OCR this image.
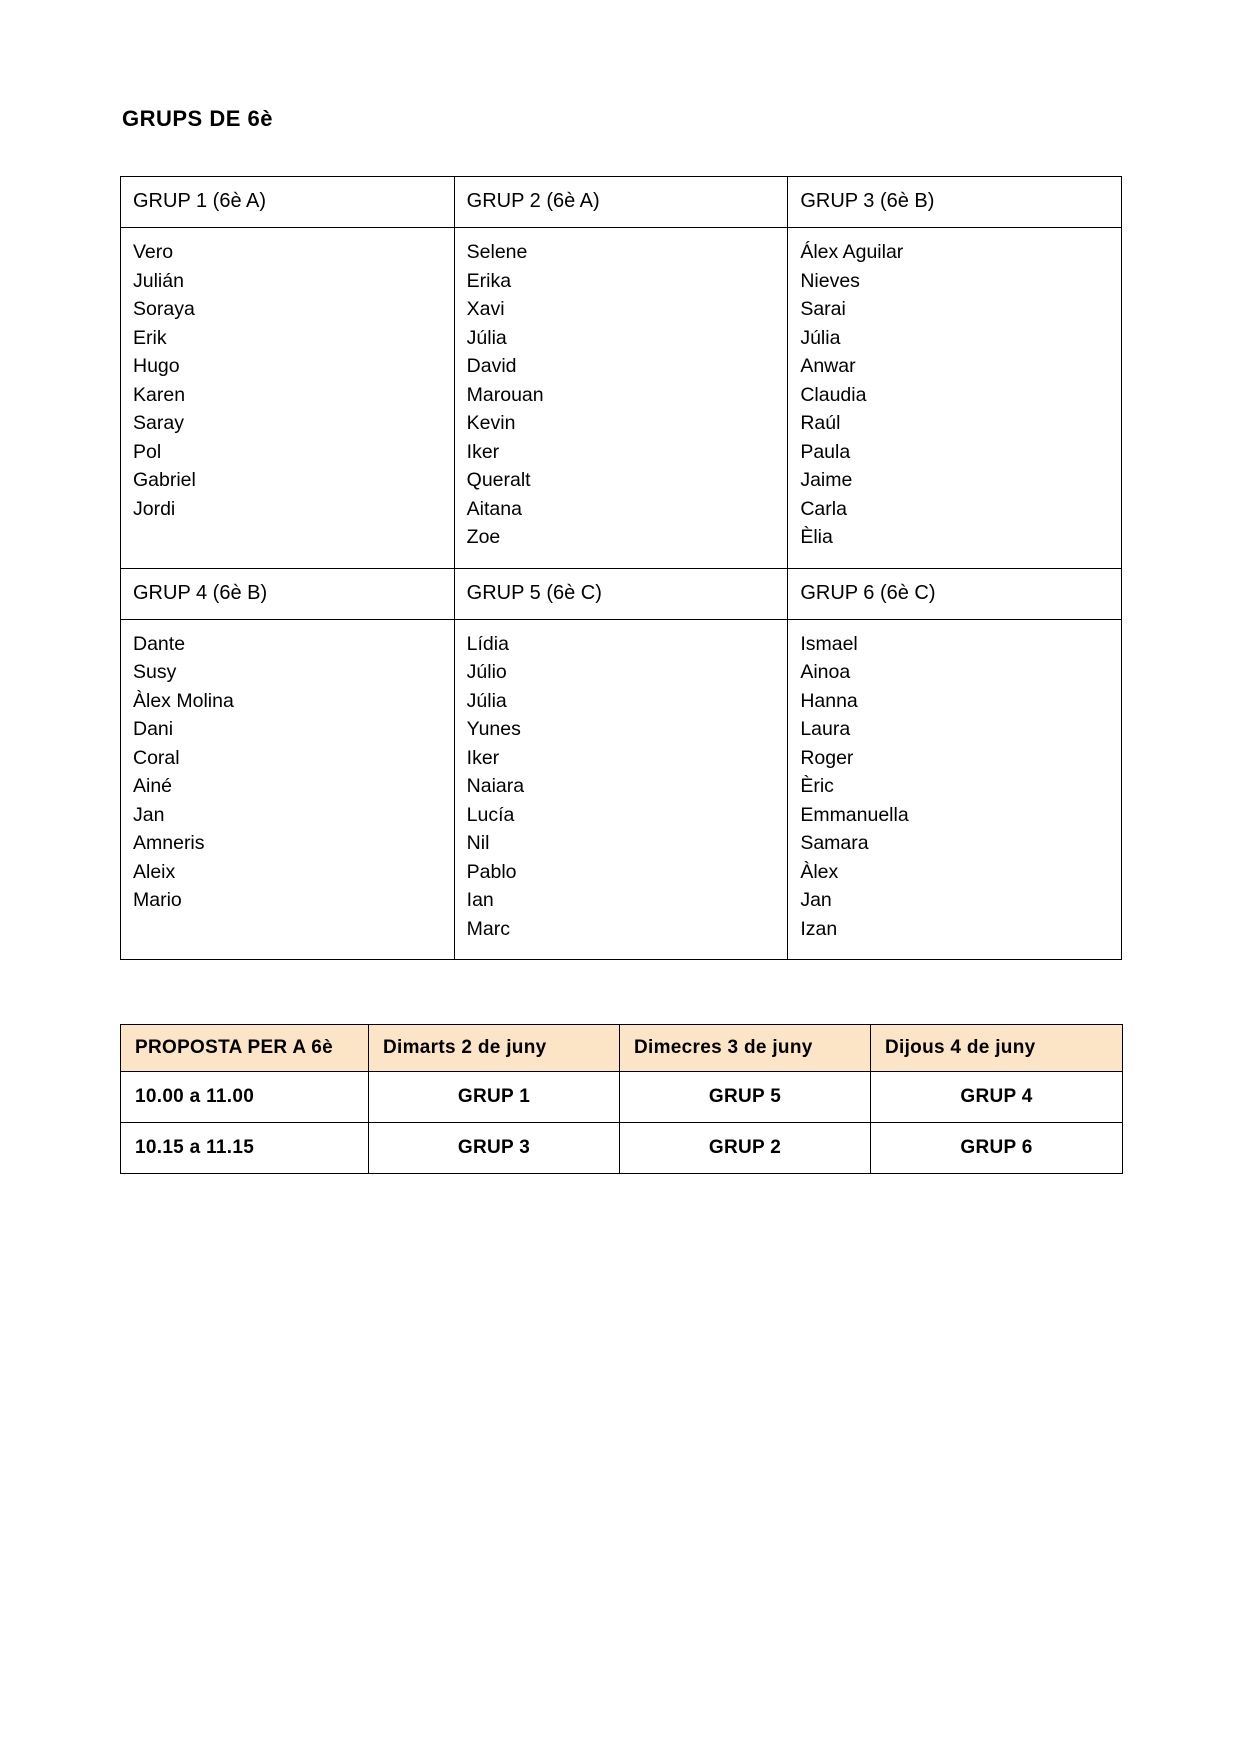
GRUPS DE 6è
GRUP 1 (6è A)	GRUP 2 (6è A)	GRUP 3 (6è B)

Vero
Julián
Soraya
Erik
Hugo
Karen
Saray
Pol
Gabriel
Jordi

Selene
Erika
Xavi
Júlia
David
Marouan
Kevin
Iker
Queralt
Aitana
Zoe

Álex Aguilar
Nieves
Sarai
Júlia
Anwar
Claudia
Raúl
Paula
Jaime
Carla
Èlia

GRUP 4 (6è B)	GRUP 5 (6è C)	GRUP 6 (6è C)

Dante
Susy
Àlex Molina
Dani
Coral
Ainé
Jan
Amneris
Aleix
Mario

Lídia
Júlio
Júlia
Yunes
Iker
Naiara
Lucía
Nil
Pablo
Ian
Marc

Ismael
Ainoa
Hanna
Laura
Roger
Èric
Emmanuella
Samara
Àlex
Jan
Izan
PROPOSTA PER A 6è	Dimarts 2 de juny	Dimecres 3 de juny	Dijous 4 de juny
10.00 a 11.00	GRUP 1	GRUP 5	GRUP 4
10.15 a 11.15	GRUP 3	GRUP 2	GRUP 6
